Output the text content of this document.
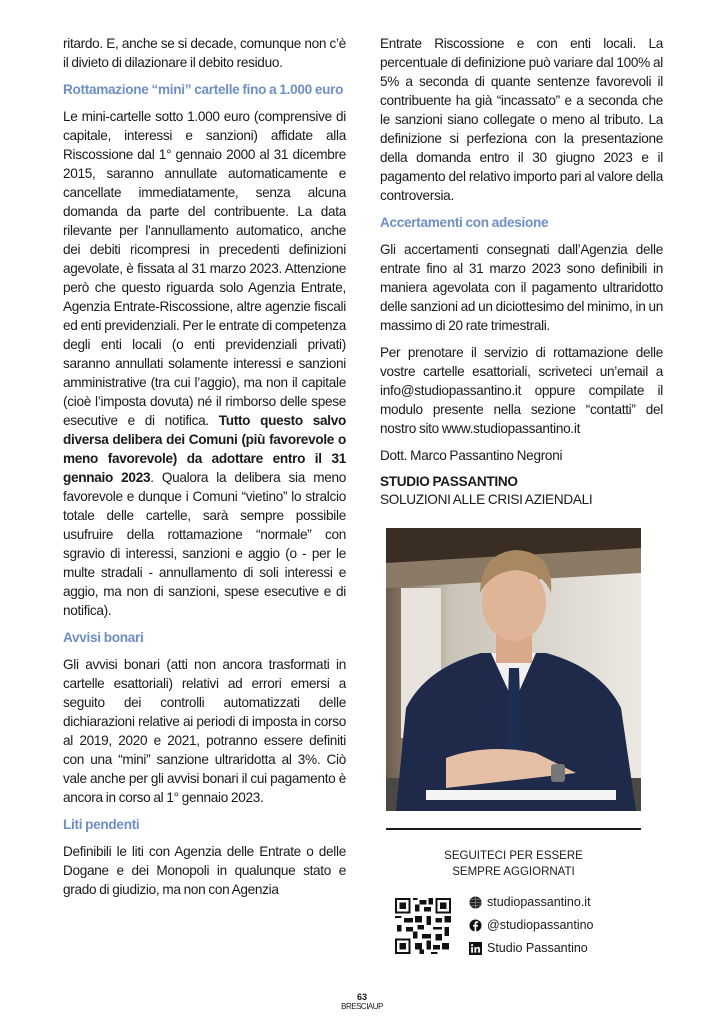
ritardo. E, anche se si decade, comunque non c’è il divieto di dilazionare il debito residuo.

Rottamazione “mini” cartelle fino a 1.000 euro

Le mini-cartelle sotto 1.000 euro (comprensive di capitale, interessi e sanzioni) affidate alla Riscossione dal 1° gennaio 2000 al 31 dicembre 2015, saranno annullate automaticamente e cancellate immediatamente, senza alcuna domanda da parte del contribuente. La data rilevante per l'annullamento automatico, anche dei debiti ricompresi in precedenti definizioni agevolate, è fissata al 31 marzo 2023. Attenzione però che questo riguarda solo Agenzia Entrate, Agenzia Entrate-Riscossione, altre agenzie fiscali ed enti previdenziali. Per le entrate di competenza degli enti locali (o enti previdenziali privati) saranno annullati solamente interessi e sanzioni amministrative (tra cui l’aggio), ma non il capitale (cioè l’imposta dovuta) né il rimborso delle spese esecutive e di notifica. Tutto questo salvo diversa delibera dei Comuni (più favorevole o meno favorevole) da adottare entro il 31 gennaio 2023. Qualora la delibera sia meno favorevole e dunque i Comuni “vietino” lo stralcio totale delle cartelle, sarà sempre possibile usufruire della rottamazione “normale” con sgravio di interessi, sanzioni e aggio (o - per le multe stradali - annullamento di soli interessi e aggio, ma non di sanzioni, spese esecutive e di notifica).

Avvisi bonari

Gli avvisi bonari (atti non ancora trasformati in cartelle esattoriali) relativi ad errori emersi a seguito dei controlli automatizzati delle dichiarazioni relative ai periodi di imposta in corso al 2019, 2020 e 2021, potranno essere definiti con una “mini” sanzione ultraridotta al 3%. Ciò vale anche per gli avvisi bonari il cui pagamento è ancora in corso al 1° gennaio 2023.

Liti pendenti

Definibili le liti con Agenzia delle Entrate o delle Dogane e dei Monopoli in qualunque stato e grado di giudizio, ma non con Agenzia

Entrate Riscossione e con enti locali. La percentuale di definizione può variare dal 100% al 5% a seconda di quante sentenze favorevoli il contribuente ha già “incassato” e a seconda che le sanzioni siano collegate o meno al tributo. La definizione si perfeziona con la presentazione della domanda entro il 30 giugno 2023 e il pagamento del relativo importo pari al valore della controversia.

Accertamenti con adesione

Gli accertamenti consegnati dall’Agenzia delle entrate fino al 31 marzo 2023 sono definibili in maniera agevolata con il pagamento ultraridotto delle sanzioni ad un diciottesimo del minimo, in un massimo di 20 rate trimestrali.

Per prenotare il servizio di rottamazione delle vostre cartelle esattoriali, scriveteci un’email a info@studiopassantino.it oppure compilate il modulo presente nella sezione “contatti” del nostro sito www.studiopassantino.it

Dott. Marco Passantino Negroni
STUDIO PASSANTINO
SOLUZIONI ALLE CRISI AZIENDALI
SEGUITECI PER ESSERE
SEMPRE AGGIORNATI
studiopassantino.it
@studiopassantino
Studio Passantino
63
BRESCIAUP
